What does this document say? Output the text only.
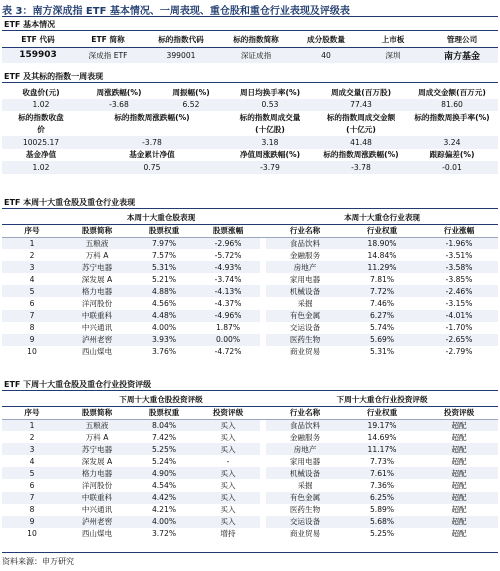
表 3：南方深成指 ETF 基本情况、一周表现、重仓股和重仓行业表现及评级表
ETF 基本情况
ETF 代码	ETF 简称	标的指数代码	标的指数简称	成分股数量	上市板	管理公司
159903	深成指 ETF	399001	深证成指	40	深圳	南方基金
ETF 及其标的指数一周表现
收盘价(元)	周涨跌幅(%)	周振幅(%)	周日均换手率(%)	周成交量(百万股)	周成交金额(百万元)
1.02	-3.68	6.52	0.53	77.43	81.60
标的指数收盘	标的指数周涨跌幅(%)		标的指数周成交量	标的指数周成交金额	标的指数周换手率(%)
价			(十亿股)	(十亿元)	
10025.17	-3.78		3.18	41.48	3.24
基金净值	基金累计净值		净值周涨跌幅(%)	标的指数周涨跌幅(%)	跟踪偏差(%)
1.02	0.75		-3.79	-3.78	-0.01
ETF 本周十大重仓股及重仓行业表现
	本周十大重仓股表现				本周十大重仓行业表现		
序号	股票简称	股票权重	股票涨幅		行业名称	行业权重	行业涨幅
1	五粮液	7.97%	-2.96%		食品饮料	18.90%	-1.96%
2	万科 A	7.57%	-5.72%		金融服务	14.84%	-3.51%
3	苏宁电器	5.31%	-4.93%		房地产	11.29%	-3.58%
4	深发展 A	5.21%	-3.74%		家用电器	7.81%	-3.85%
5	格力电器	4.88%	-4.13%		机械设备	7.72%	-2.46%
6	洋河股份	4.56%	-4.37%		采掘	7.46%	-3.15%
7	中联重科	4.48%	-4.96%		有色金属	6.27%	-4.01%
8	中兴通讯	4.00%	1.87%		交运设备	5.74%	-1.70%
9	泸州老窖	3.93%	0.00%		医药生物	5.69%	-2.65%
10	西山煤电	3.76%	-4.72%		商业贸易	5.31%	-2.79%
ETF 下周十大重仓股及重仓行业投资评级
	下周十大重仓股投资评级				下周十大重仓行业投资评级		
序号	股票简称	股票权重	投资评级		行业名称	行业权重	投资评级
1	五粮液	8.04%	买入		食品饮料	19.17%	超配
2	万科 A	7.42%	买入		金融服务	14.69%	超配
3	苏宁电器	5.25%	买入		房地产	11.17%	超配
4	深发展 A	5.24%	-		家用电器	7.73%	超配
5	格力电器	4.90%	买入		机械设备	7.61%	超配
6	洋河股份	4.54%	买入		采掘	7.36%	超配
7	中联重科	4.42%	买入		有色金属	6.25%	超配
8	中兴通讯	4.21%	买入		医药生物	5.89%	超配
9	泸州老窖	4.00%	买入		交运设备	5.68%	超配
10	西山煤电	3.72%	增持		商业贸易	5.25%	超配
资料来源：申万研究
